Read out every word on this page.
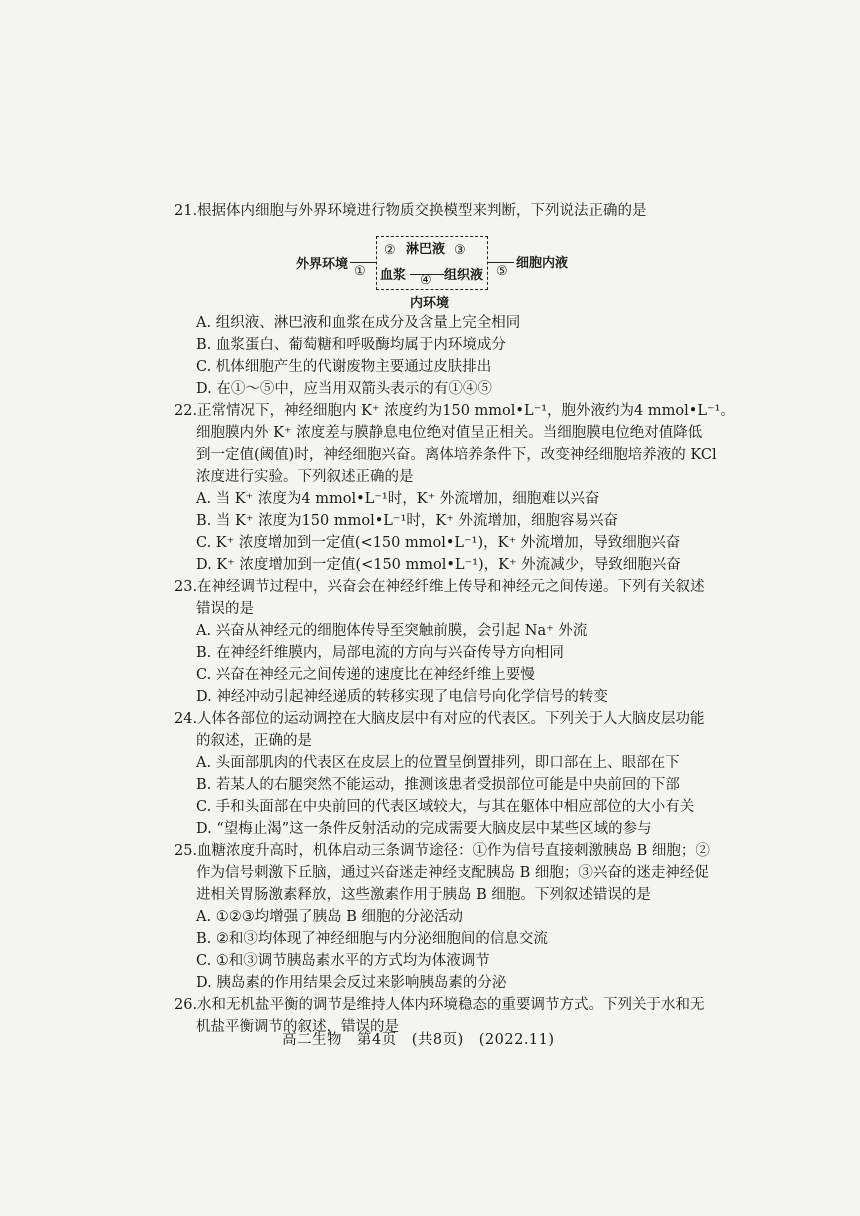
21.根据体内细胞与外界环境进行物质交换模型来判断，下列说法正确的是
外界环境 ①
② 淋巴液 ③
血浆 ④ 组织液 ⑤
细胞内液
内环境
A. 组织液、淋巴液和血浆在成分及含量上完全相同
B. 血浆蛋白、葡萄糖和呼吸酶均属于内环境成分
C. 机体细胞产生的代谢废物主要通过皮肤排出
D. 在①～⑤中，应当用双箭头表示的有①④⑤
22.正常情况下，神经细胞内 K⁺ 浓度约为150 mmol•L⁻¹，胞外液约为4 mmol•L⁻¹。
细胞膜内外 K⁺ 浓度差与膜静息电位绝对值呈正相关。当细胞膜电位绝对值降低
到一定值(阈值)时，神经细胞兴奋。离体培养条件下，改变神经细胞培养液的 KCl
浓度进行实验。下列叙述正确的是
A. 当 K⁺ 浓度为4 mmol•L⁻¹时，K⁺ 外流增加，细胞难以兴奋
B. 当 K⁺ 浓度为150 mmol•L⁻¹时，K⁺ 外流增加，细胞容易兴奋
C. K⁺ 浓度增加到一定值(<150 mmol•L⁻¹)，K⁺ 外流增加，导致细胞兴奋
D. K⁺ 浓度增加到一定值(<150 mmol•L⁻¹)，K⁺ 外流减少，导致细胞兴奋
23.在神经调节过程中，兴奋会在神经纤维上传导和神经元之间传递。下列有关叙述
错误的是
A. 兴奋从神经元的细胞体传导至突触前膜，会引起 Na⁺ 外流
B. 在神经纤维膜内，局部电流的方向与兴奋传导方向相同
C. 兴奋在神经元之间传递的速度比在神经纤维上要慢
D. 神经冲动引起神经递质的转移实现了电信号向化学信号的转变
24.人体各部位的运动调控在大脑皮层中有对应的代表区。下列关于人大脑皮层功能
的叙述，正确的是
A. 头面部肌肉的代表区在皮层上的位置呈倒置排列，即口部在上、眼部在下
B. 若某人的右腿突然不能运动，推测该患者受损部位可能是中央前回的下部
C. 手和头面部在中央前回的代表区域较大，与其在躯体中相应部位的大小有关
D. “望梅止渴”这一条件反射活动的完成需要大脑皮层中某些区域的参与
25.血糖浓度升高时，机体启动三条调节途径：①作为信号直接刺激胰岛 B 细胞；②
作为信号刺激下丘脑，通过兴奋迷走神经支配胰岛 B 细胞；③兴奋的迷走神经促
进相关胃肠激素释放，这些激素作用于胰岛 B 细胞。下列叙述错误的是
A. ①②③均增强了胰岛 B 细胞的分泌活动
B. ②和③均体现了神经细胞与内分泌细胞间的信息交流
C. ①和③调节胰岛素水平的方式均为体液调节
D. 胰岛素的作用结果会反过来影响胰岛素的分泌
26.水和无机盐平衡的调节是维持人体内环境稳态的重要调节方式。下列关于水和无
机盐平衡调节的叙述，错误的是
高二生物　第4页　(共8页)　(2022.11)
